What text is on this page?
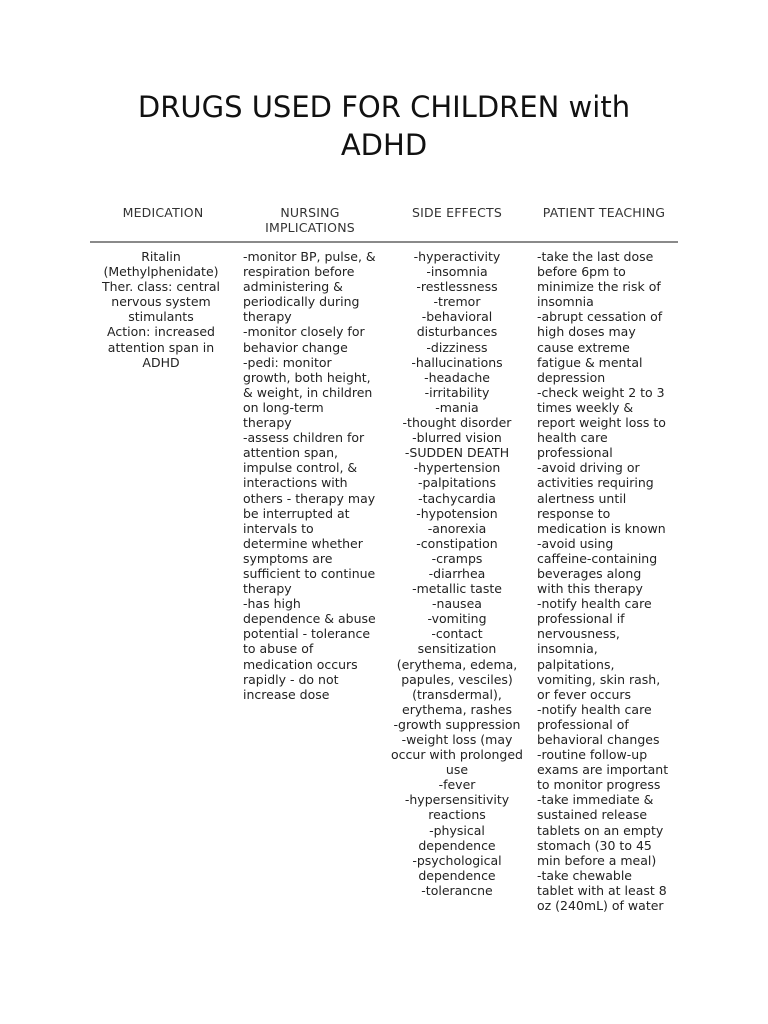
DRUGS USED FOR CHILDREN with
ADHD
MEDICATION	NURSING
IMPLICATIONS
SIDE EFFECTS	PATIENT TEACHING
Ritalin
(Methylphenidate)
Ther. class: central
nervous system
stimulants
Action: increased
attention span in
ADHD
-monitor BP, pulse, &
respiration before
administering &
periodically during
therapy
-monitor closely for
behavior change
-pedi: monitor
growth, both height,
& weight, in children
on long-term
therapy
-assess children for
attention span,
impulse control, &
interactions with
others - therapy may
be interrupted at
intervals to
determine whether
symptoms are
sufficient to continue
therapy
-has high
dependence & abuse
potential - tolerance
to abuse of
medication occurs
rapidly - do not
increase dose
-hyperactivity
-insomnia
-restlessness
-tremor
-behavioral
disturbances
-dizziness
-hallucinations
-headache
-irritability
-mania
-thought disorder
-blurred vision
-SUDDEN DEATH
-hypertension
-palpitations
-tachycardia
-hypotension
-anorexia
-constipation
-cramps
-diarrhea
-metallic taste
-nausea
-vomiting
-contact
sensitization
(erythema, edema,
papules, vesciles)
(transdermal),
erythema, rashes
-growth suppression
-weight loss (may
occur with prolonged
use
-fever
-hypersensitivity
reactions
-physical
dependence
-psychological
dependence
-tolerancne
-take the last dose
before 6pm to
minimize the risk of
insomnia
-abrupt cessation of
high doses may
cause extreme
fatigue & mental
depression
-check weight 2 to 3
times weekly &
report weight loss to
health care
professional
-avoid driving or
activities requiring
alertness until
response to
medication is known
-avoid using
caffeine-containing
beverages along
with this therapy
-notify health care
professional if
nervousness,
insomnia,
palpitations,
vomiting, skin rash,
or fever occurs
-notify health care
professional of
behavioral changes
-routine follow-up
exams are important
to monitor progress
-take immediate &
sustained release
tablets on an empty
stomach (30 to 45
min before a meal)
-take chewable
tablet with at least 8
oz (240mL) of water
